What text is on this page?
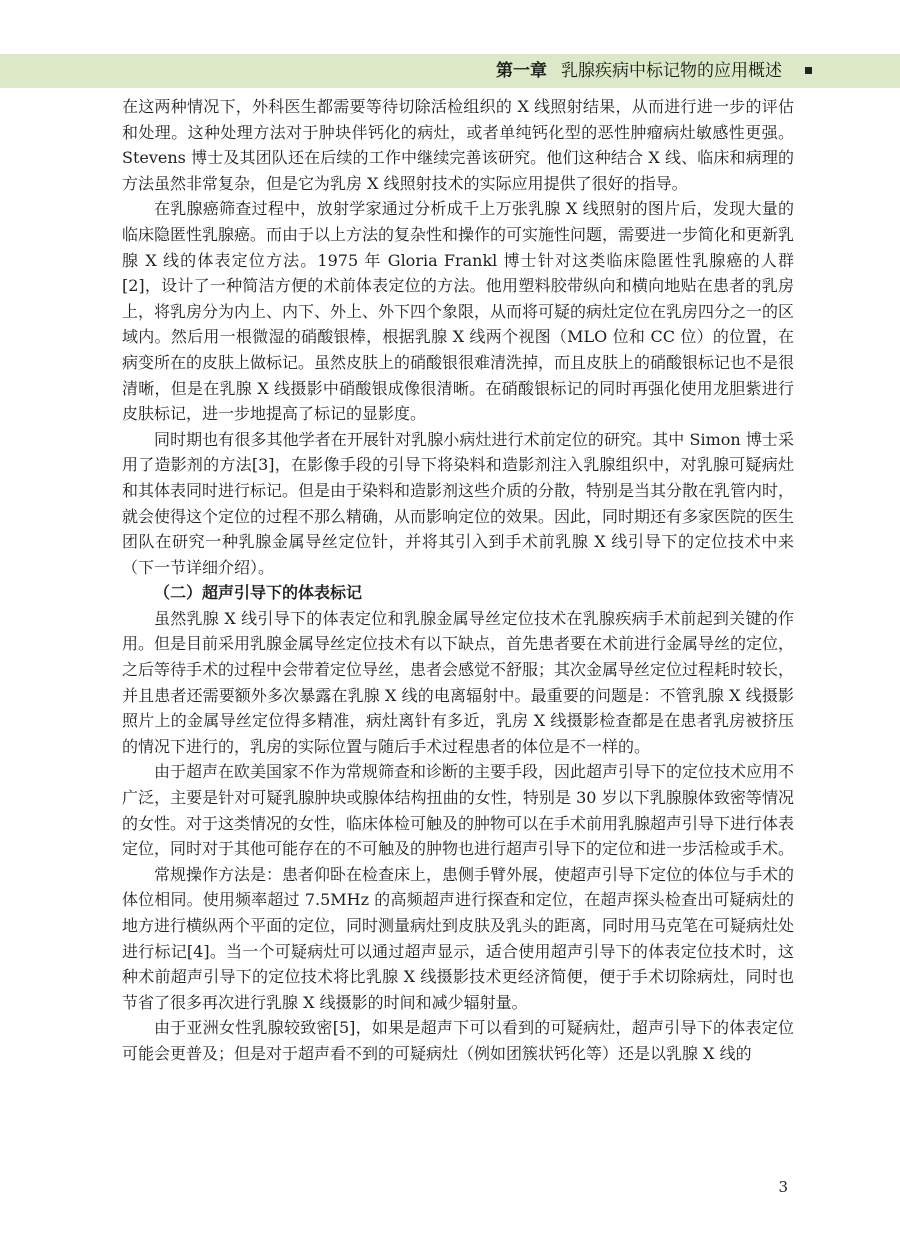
第一章 乳腺疾病中标记物的应用概述

在这两种情况下，外科医生都需要等待切除活检组织的 X 线照射结果，从而进行进一步的评估和处理。这种处理方法对于肿块伴钙化的病灶，或者单纯钙化型的恶性肿瘤病灶敏感性更强。Stevens 博士及其团队还在后续的工作中继续完善该研究。他们这种结合 X 线、临床和病理的方法虽然非常复杂，但是它为乳房 X 线照射技术的实际应用提供了很好的指导。

在乳腺癌筛查过程中，放射学家通过分析成千上万张乳腺 X 线照射的图片后，发现大量的临床隐匿性乳腺癌。而由于以上方法的复杂性和操作的可实施性问题，需要进一步简化和更新乳腺 X 线的体表定位方法。1975 年 Gloria Frankl 博士针对这类临床隐匿性乳腺癌的人群[2]，设计了一种简洁方便的术前体表定位的方法。他用塑料胶带纵向和横向地贴在患者的乳房上，将乳房分为内上、内下、外上、外下四个象限，从而将可疑的病灶定位在乳房四分之一的区域内。然后用一根微湿的硝酸银棒，根据乳腺 X 线两个视图（MLO 位和 CC 位）的位置，在病变所在的皮肤上做标记。虽然皮肤上的硝酸银很难清洗掉，而且皮肤上的硝酸银标记也不是很清晰，但是在乳腺 X 线摄影中硝酸银成像很清晰。在硝酸银标记的同时再强化使用龙胆紫进行皮肤标记，进一步地提高了标记的显影度。

同时期也有很多其他学者在开展针对乳腺小病灶进行术前定位的研究。其中 Simon 博士采用了造影剂的方法[3]，在影像手段的引导下将染料和造影剂注入乳腺组织中，对乳腺可疑病灶和其体表同时进行标记。但是由于染料和造影剂这些介质的分散，特别是当其分散在乳管内时，就会使得这个定位的过程不那么精确，从而影响定位的效果。因此，同时期还有多家医院的医生团队在研究一种乳腺金属导丝定位针，并将其引入到手术前乳腺 X 线引导下的定位技术中来（下一节详细介绍）。

（二）超声引导下的体表标记

虽然乳腺 X 线引导下的体表定位和乳腺金属导丝定位技术在乳腺疾病手术前起到关键的作用。但是目前采用乳腺金属导丝定位技术有以下缺点，首先患者要在术前进行金属导丝的定位，之后等待手术的过程中会带着定位导丝，患者会感觉不舒服；其次金属导丝定位过程耗时较长，并且患者还需要额外多次暴露在乳腺 X 线的电离辐射中。最重要的问题是：不管乳腺 X 线摄影照片上的金属导丝定位得多精准，病灶离针有多近，乳房 X 线摄影检查都是在患者乳房被挤压的情况下进行的，乳房的实际位置与随后手术过程患者的体位是不一样的。

由于超声在欧美国家不作为常规筛查和诊断的主要手段，因此超声引导下的定位技术应用不广泛，主要是针对可疑乳腺肿块或腺体结构扭曲的女性，特别是 30 岁以下乳腺腺体致密等情况的女性。对于这类情况的女性，临床体检可触及的肿物可以在手术前用乳腺超声引导下进行体表定位，同时对于其他可能存在的不可触及的肿物也进行超声引导下的定位和进一步活检或手术。

常规操作方法是：患者仰卧在检查床上，患侧手臂外展，使超声引导下定位的体位与手术的体位相同。使用频率超过 7.5MHz 的高频超声进行探查和定位，在超声探头检查出可疑病灶的地方进行横纵两个平面的定位，同时测量病灶到皮肤及乳头的距离，同时用马克笔在可疑病灶处进行标记[4]。当一个可疑病灶可以通过超声显示，适合使用超声引导下的体表定位技术时，这种术前超声引导下的定位技术将比乳腺 X 线摄影技术更经济简便，便于手术切除病灶，同时也节省了很多再次进行乳腺 X 线摄影的时间和减少辐射量。

由于亚洲女性乳腺较致密[5]，如果是超声下可以看到的可疑病灶，超声引导下的体表定位可能会更普及；但是对于超声看不到的可疑病灶（例如团簇状钙化等）还是以乳腺 X 线的

3
